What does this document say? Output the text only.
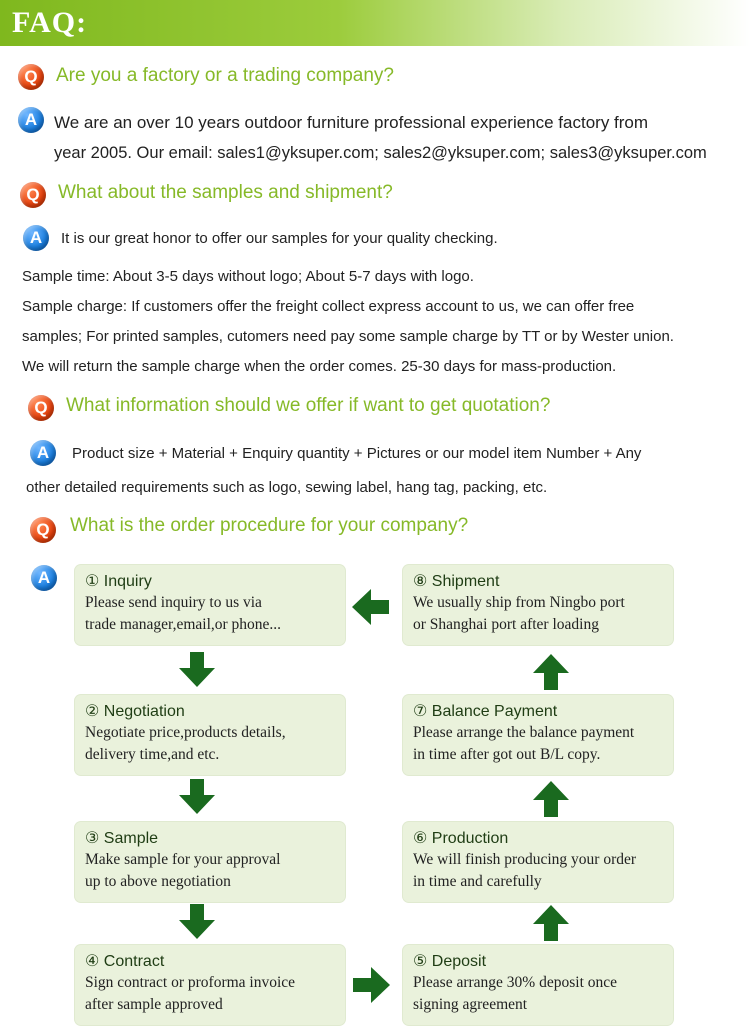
FAQ:
Q Are you a factory or a trading company?
A We are an over 10 years outdoor furniture professional experience factory from
year 2005. Our email: sales1@yksuper.com; sales2@yksuper.com; sales3@yksuper.com
Q What about the samples and shipment?
A	It is our great honor to offer our samples for your quality checking.
Sample time: About 3-5 days without logo; About 5-7 days with logo.
Sample charge: If customers offer the freight collect express account to us, we can offer free
samples; For printed samples, cutomers need pay some sample charge by TT or by Wester union.
We will return the sample charge when the order comes. 25-30 days for mass-production.
Q What information should we offer if want to get quotation?
A	Product size + Material + Enquiry quantity + Pictures or our model item Number + Any
other detailed requirements such as logo, sewing label, hang tag, packing, etc.
Q	What is the order procedure for your company?
A	① Inquiry
Please send inquiry to us via
trade manager,email,or phone...
② Negotiation
Negotiate price,products details,
delivery time,and etc.
③ Sample
Make sample for your approval
up to above negotiation
④ Contract
Sign contract or proforma invoice
after sample approved
⑧ Shipment
We usually ship from Ningbo port
or Shanghai port after loading
⑦ Balance Payment
Please arrange the balance payment
in time after got out B/L copy.
⑥ Production
We will finish producing your order
in time and carefully
⑤ Deposit
Please arrange 30% deposit once
signing agreement
